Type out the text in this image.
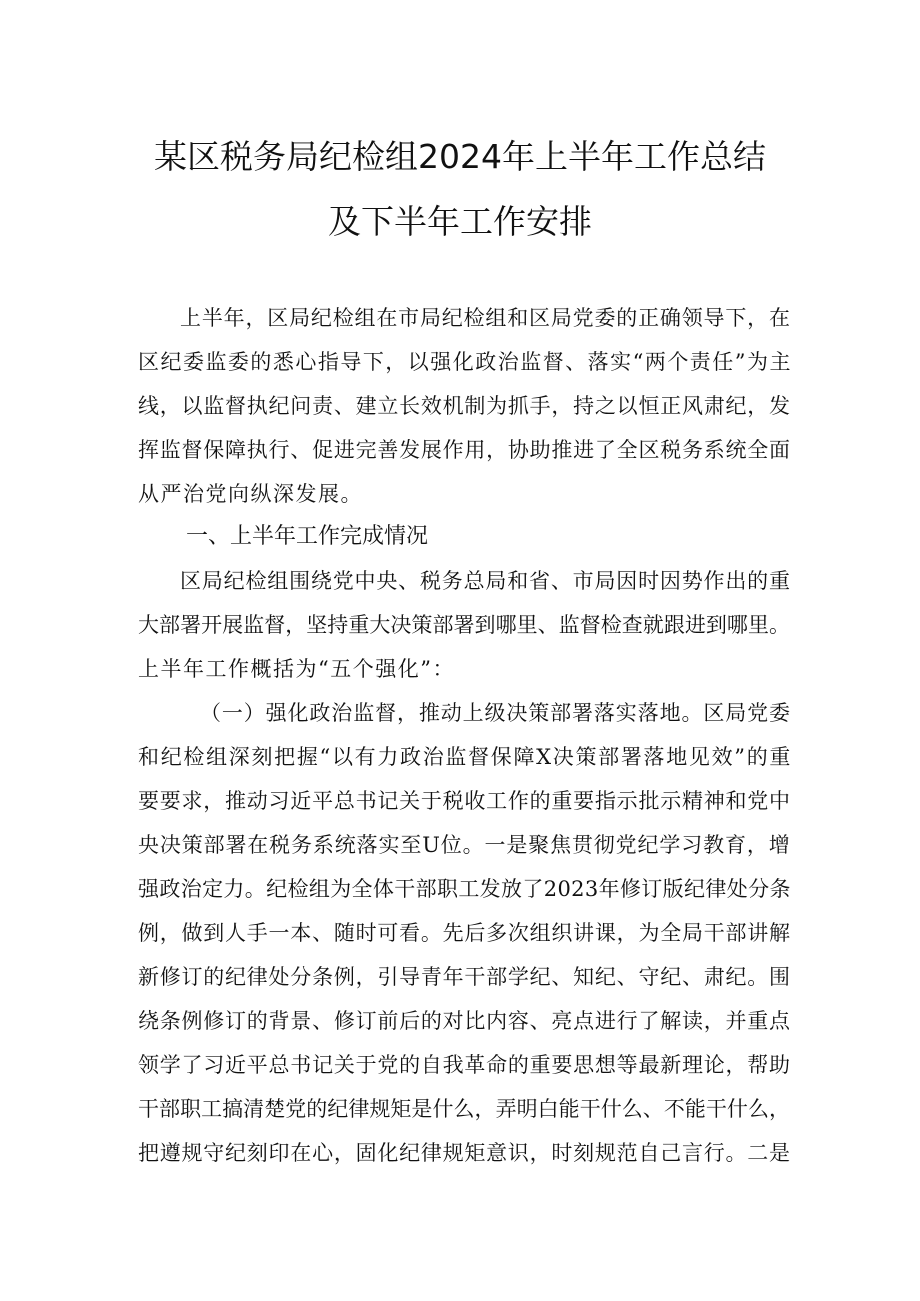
某区税务局纪检组2024年上半年工作总结
及下半年工作安排
上半年，区局纪检组在市局纪检组和区局党委的正确领导下，在
区纪委监委的悉心指导下，以强化政治监督、落实“两个责任”为主
线，以监督执纪问责、建立长效机制为抓手，持之以恒正风肃纪，发
挥监督保障执行、促进完善发展作用，协助推进了全区税务系统全面
从严治党向纵深发展。
一、上半年工作完成情况
区局纪检组围绕党中央、税务总局和省、市局因时因势作出的重
大部署开展监督，坚持重大决策部署到哪里、监督检查就跟进到哪里。
上半年工作概括为“五个强化”：
（一）强化政治监督，推动上级决策部署落实落地。区局党委
和纪检组深刻把握“以有力政治监督保障X决策部署落地见效”的重
要要求，推动习近平总书记关于税收工作的重要指示批示精神和党中
央决策部署在税务系统落实至U位。一是聚焦贯彻党纪学习教育，增
强政治定力。纪检组为全体干部职工发放了2023年修订版纪律处分条
例，做到人手一本、随时可看。先后多次组织讲课，为全局干部讲解
新修订的纪律处分条例，引导青年干部学纪、知纪、守纪、肃纪。围
绕条例修订的背景、修订前后的对比内容、亮点进行了解读，并重点
领学了习近平总书记关于党的自我革命的重要思想等最新理论，帮助
干部职工搞清楚党的纪律规矩是什么，弄明白能干什么、不能干什么，
把遵规守纪刻印在心，固化纪律规矩意识，时刻规范自己言行。二是
